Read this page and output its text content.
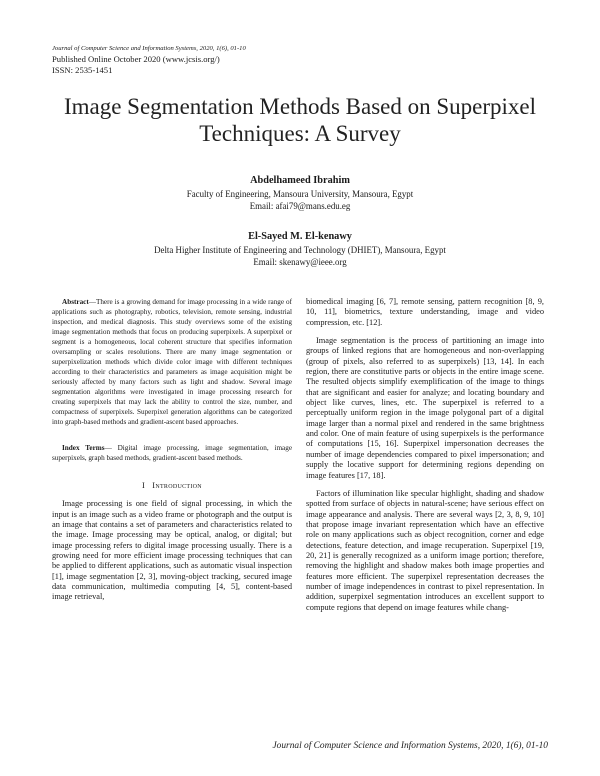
Journal of Computer Science and Information Systems, 2020, 1(6), 01-10
Published Online October 2020 (www.jcsis.org/)
ISSN: 2535-1451
Image Segmentation Methods Based on Superpixel Techniques: A Survey
Abdelhameed Ibrahim
Faculty of Engineering, Mansoura University, Mansoura, Egypt
Email: afai79@mans.edu.eg
El-Sayed M. El-kenawy
Delta Higher Institute of Engineering and Technology (DHIET), Mansoura, Egypt
Email: skenawy@ieee.org

Abstract—There is a growing demand for image processing in a wide range of applications such as photography, robotics, television, remote sensing, industrial inspection, and medical diagnosis. This study overviews some of the existing image segmentation methods that focus on producing superpixels. A superpixel or segment is a homogeneous, local coherent structure that specifies information oversampling or scales resolutions. There are many image segmentation or superpixelization methods which divide color image with different techniques according to their characteristics and parameters as image acquisition might be seriously affected by many factors such as light and shadow. Several image segmentation algorithms were investigated in image processing research for creating superpixels that may lack the ability to control the size, number, and compactness of superpixels. Superpixel generation algorithms can be categorized into graph-based methods and gradient-ascent based approaches.

Index Terms— Digital image processing, image segmentation, image superpixels, graph based methods, gradient-ascent based methods.

I Introduction

Image processing is one field of signal processing, in which the input is an image such as a video frame or photograph and the output is an image that contains a set of parameters and characteristics related to the image. Image processing may be optical, analog, or digital; but image processing refers to digital image processing usually. There is a growing need for more efficient image processing techniques that can be applied to different applications, such as automatic visual inspection [1], image segmentation [2, 3], moving-object tracking, secured image data communication, multimedia computing [4, 5], content-based image retrieval,

biomedical imaging [6, 7], remote sensing, pattern recognition [8, 9, 10, 11], biometrics, texture understanding, image and video compression, etc. [12].

Image segmentation is the process of partitioning an image into groups of linked regions that are homogeneous and non-overlapping (group of pixels, also referred to as superpixels) [13, 14]. In each region, there are constitutive parts or objects in the entire image scene. The resulted objects simplify exemplification of the image to things that are significant and easier for analyze; and locating boundary and object like curves, lines, etc. The superpixel is referred to a perceptually uniform region in the image polygonal part of a digital image larger than a normal pixel and rendered in the same brightness and color. One of main feature of using superpixels is the performance of computations [15, 16]. Superpixel impersonation decreases the number of image dependencies compared to pixel impersonation; and supply the locative support for determining regions depending on image features [17, 18].

Factors of illumination like specular highlight, shading and shadow spotted from surface of objects in natural-scene; have serious effect on image appearance and analysis. There are several ways [2, 3, 8, 9, 10] that propose image invariant representation which have an effective role on many applications such as object recognition, corner and edge detections, feature detection, and image recuperation. Superpixel [19, 20, 21] is generally recognized as a uniform image portion; therefore, removing the highlight and shadow makes both image properties and features more efficient. The superpixel representation decreases the number of image independences in contrast to pixel representation. In addition, superpixel segmentation introduces an excellent support to compute regions that depend on image features while chang-

Journal of Computer Science and Information Systems, 2020, 1(6), 01-10
